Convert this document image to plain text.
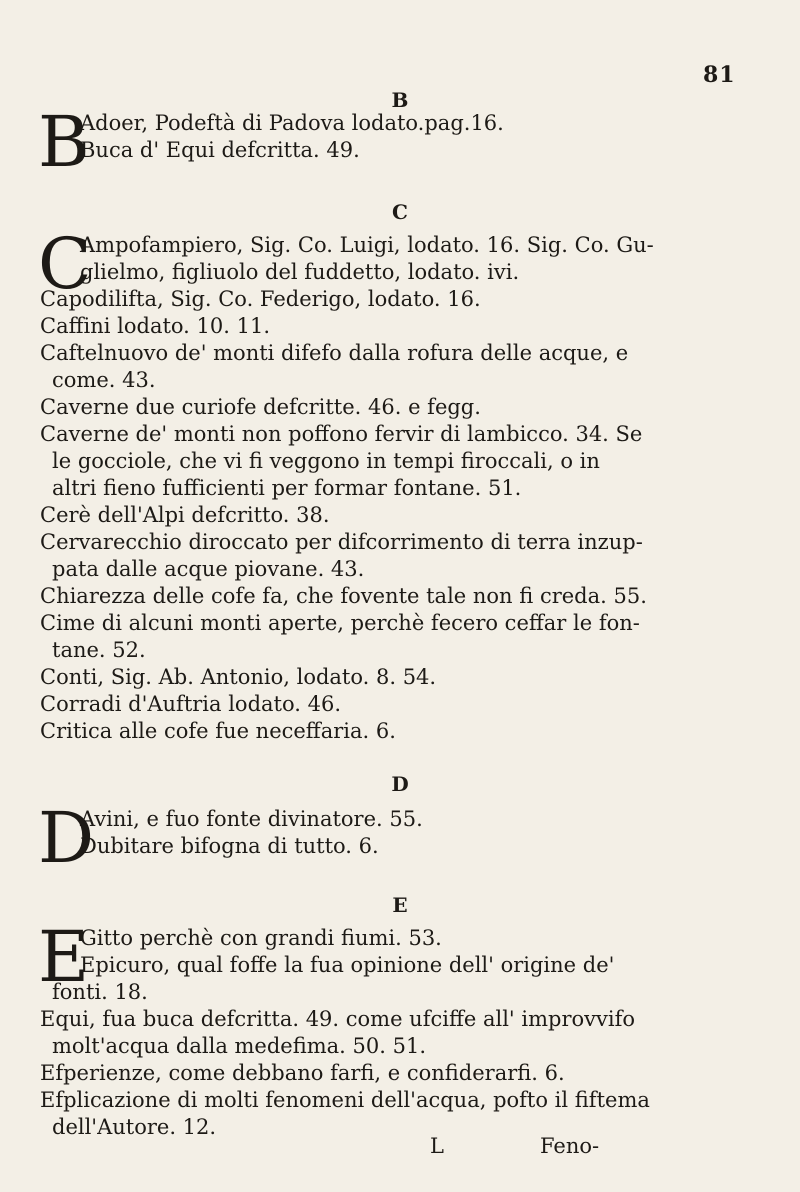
81
B
B
Adoer, Podeftà di Padova lodato.pag.16.
Buca d' Equi defcritta. 49.
C
C
Ampofampiero, Sig. Co. Luigi, lodato. 16. Sig. Co. Gu-
glielmo, figliuolo del fuddetto, lodato. ivi.
Capodilifta, Sig. Co. Federigo, lodato. 16.
Caffini lodato. 10. 11.
Caftelnuovo de' monti difefo dalla rofura delle acque, e
come. 43.
Caverne due curiofe defcritte. 46. e fegg.
Caverne de' monti non poffono fervir di lambicco. 34. Se
le gocciole, che vi fi veggono in tempi firoccali, o in
altri fieno fufficienti per formar fontane. 51.
Cerè dell'Alpi defcritto. 38.
Cervarecchio diroccato per difcorrimento di terra inzup-
pata dalle acque piovane. 43.
Chiarezza delle cofe fa, che fovente tale non fi creda. 55.
Cime di alcuni monti aperte, perchè fecero ceffar le fon-
tane. 52.
Conti, Sig. Ab. Antonio, lodato. 8. 54.
Corradi d'Auftria lodato. 46.
Critica alle cofe fue neceffaria. 6.
D
D
Avini, e fuo fonte divinatore. 55.
Dubitare bifogna di tutto. 6.
E
E
Gitto perchè con grandi fiumi. 53.
Epicuro, qual foffe la fua opinione dell' origine de'
fonti. 18.
Equi, fua buca defcritta. 49. come ufciffe all' improvvifo
molt'acqua dalla medefima. 50. 51.
Efperienze, come debbano farfi, e confiderarfi. 6.
Efplicazione di molti fenomeni dell'acqua, pofto il fiftema
dell'Autore. 12.
L	Feno-
